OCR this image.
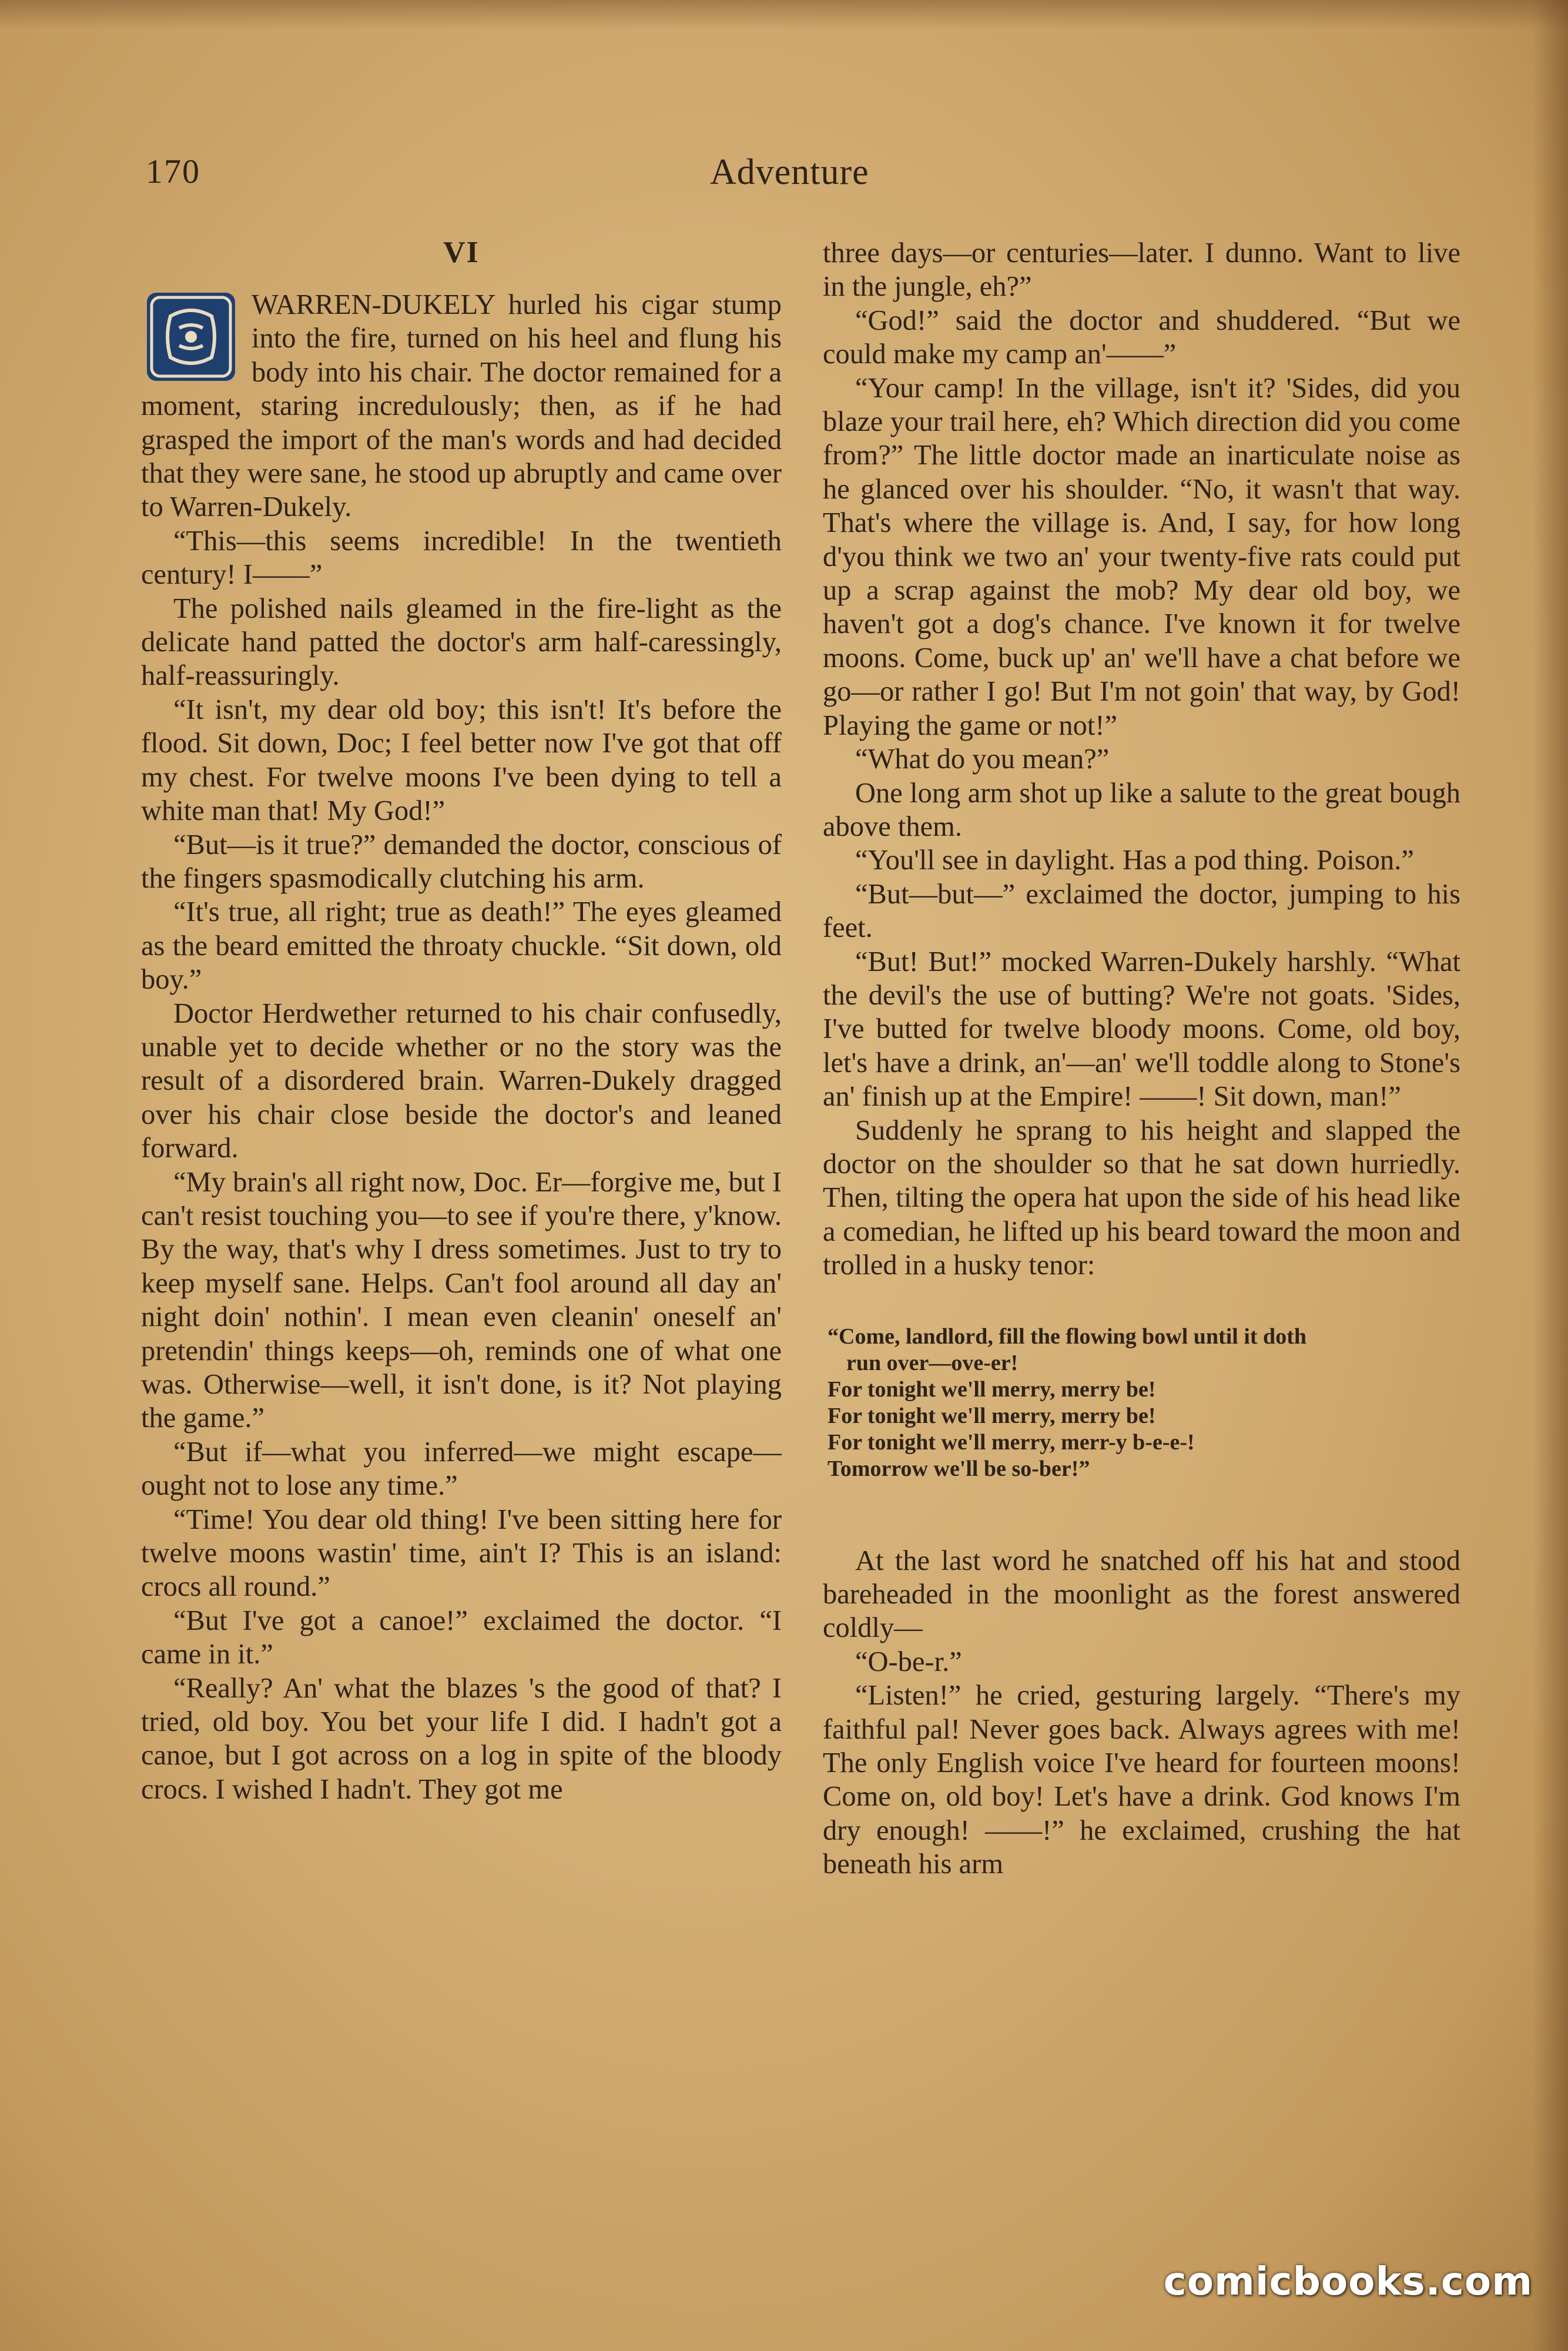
170	Adventure
VI

WARREN-DUKELY hurled his cigar stump into the fire, turned on his heel and flung his body into his chair. The doctor remained for a moment, staring incredulously; then, as if he had grasped the import of the man's words and had decided that they were sane, he stood up abruptly and came over to Warren-Dukely.

“This—this seems incredible! In the twentieth century! I——”

The polished nails gleamed in the fire-light as the delicate hand patted the doctor's arm half-caressingly, half-reassuringly.

“It isn't, my dear old boy; this isn't! It's before the flood. Sit down, Doc; I feel better now I've got that off my chest. For twelve moons I've been dying to tell a white man that! My God!”

“But—is it true?” demanded the doctor, conscious of the fingers spasmodically clutching his arm.

“It's true, all right; true as death!” The eyes gleamed as the beard emitted the throaty chuckle. “Sit down, old boy.”

Doctor Herdwether returned to his chair confusedly, unable yet to decide whether or no the story was the result of a disordered brain. Warren-Dukely dragged over his chair close beside the doctor's and leaned forward.

“My brain's all right now, Doc. Er—forgive me, but I can't resist touching you—to see if you're there, y'know. By the way, that's why I dress sometimes. Just to try to keep myself sane. Helps. Can't fool around all day an' night doin' nothin'. I mean even cleanin' oneself an' pretendin' things keeps—oh, reminds one of what one was. Otherwise—well, it isn't done, is it? Not playing the game.”

“But if—what you inferred—we might escape—ought not to lose any time.”

“Time! You dear old thing! I've been sitting here for twelve moons wastin' time, ain't I? This is an island: crocs all round.”

“But I've got a canoe!” exclaimed the doctor. “I came in it.”

“Really? An' what the blazes 's the good of that? I tried, old boy. You bet your life I did. I hadn't got a canoe, but I got across on a log in spite of the bloody crocs. I wished I hadn't. They got me

three days—or centuries—later. I dunno. Want to live in the jungle, eh?”

“God!” said the doctor and shuddered. “But we could make my camp an'——”

“Your camp! In the village, isn't it? 'Sides, did you blaze your trail here, eh? Which direction did you come from?” The little doctor made an inarticulate noise as he glanced over his shoulder. “No, it wasn't that way. That's where the village is. And, I say, for how long d'you think we two an' your twenty-five rats could put up a scrap against the mob? My dear old boy, we haven't got a dog's chance. I've known it for twelve moons. Come, buck up' an' we'll have a chat before we go—or rather I go! But I'm not goin' that way, by God! Playing the game or not!”

“What do you mean?”

One long arm shot up like a salute to the great bough above them.

“You'll see in daylight. Has a pod thing. Poison.”

“But—but—” exclaimed the doctor, jumping to his feet.

“But! But!” mocked Warren-Dukely harshly. “What the devil's the use of butting? We're not goats. 'Sides, I've butted for twelve bloody moons. Come, old boy, let's have a drink, an'—an' we'll toddle along to Stone's an' finish up at the Empire! ——! Sit down, man!”

Suddenly he sprang to his height and slapped the doctor on the shoulder so that he sat down hurriedly. Then, tilting the opera hat upon the side of his head like a comedian, he lifted up his beard toward the moon and trolled in a husky tenor:

“Come, landlord, fill the flowing bowl until it doth
run over—ove-er!
For tonight we'll merry, merry be!
For tonight we'll merry, merry be!
For tonight we'll merry, merr-y b-e-e-!
Tomorrow we'll be so-ber!”

At the last word he snatched off his hat and stood bareheaded in the moonlight as the forest answered coldly—

“O-be-r.”

“Listen!” he cried, gesturing largely. “There's my faithful pal! Never goes back. Always agrees with me! The only English voice I've heard for fourteen moons! Come on, old boy! Let's have a drink. God knows I'm dry enough! ——!” he exclaimed, crushing the hat beneath his arm

comicbooks.com
